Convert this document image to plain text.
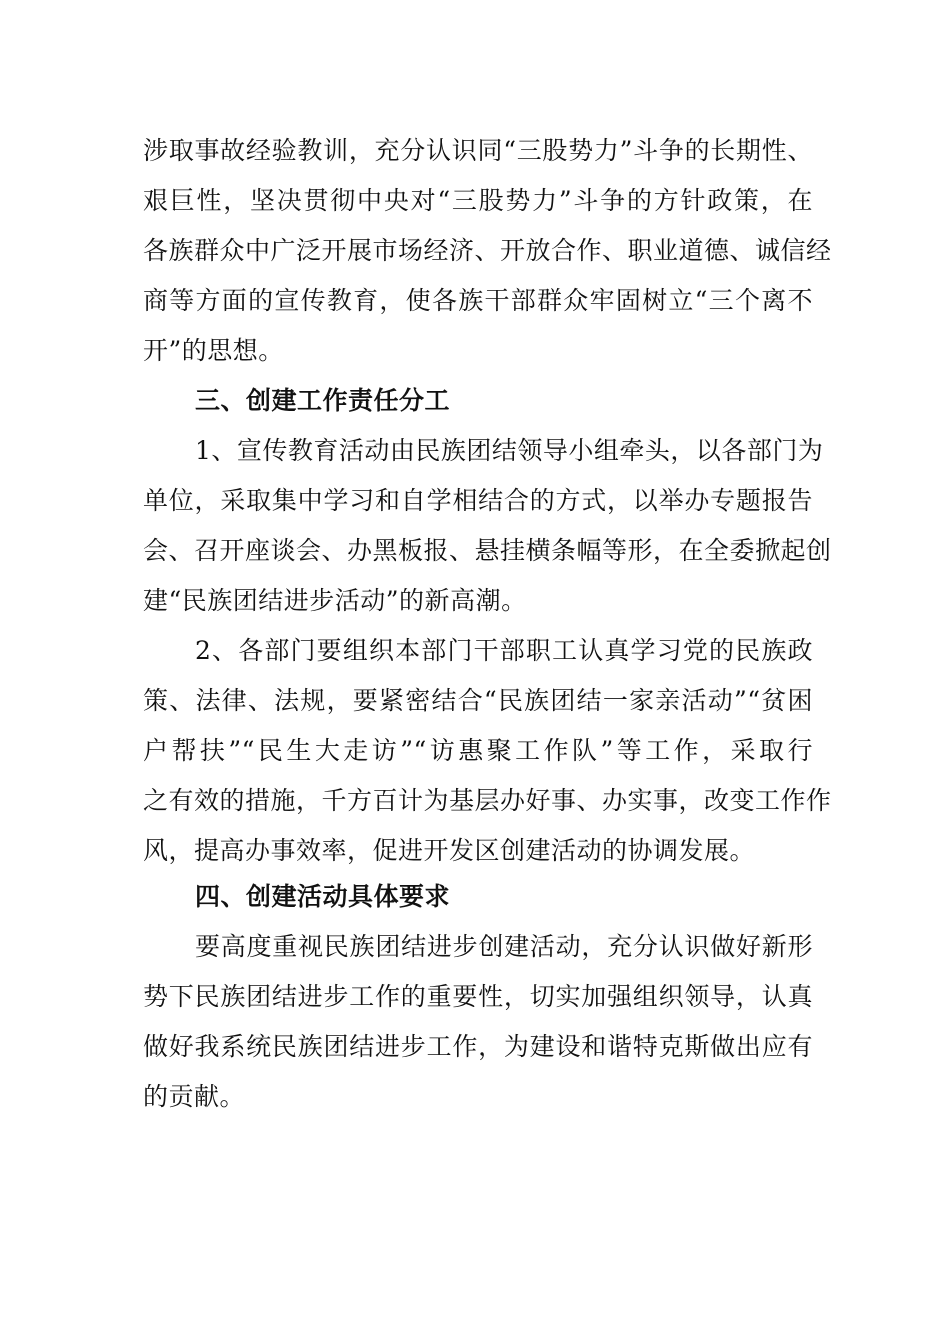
涉取事故经验教训，充分认识同“三股势力”斗争的长期性、
艰巨性，坚决贯彻中央对“三股势力”斗争的方针政策，在
各族群众中广泛开展市场经济、开放合作、职业道德、诚信经
商等方面的宣传教育，使各族干部群众牢固树立“三个离不
开”的思想。
三、创建工作责任分工
1、宣传教育活动由民族团结领导小组牵头，以各部门为
单位，采取集中学习和自学相结合的方式，以举办专题报告
会、召开座谈会、办黑板报、悬挂横条幅等形，在全委掀起创
建“民族团结进步活动”的新高潮。
2、各部门要组织本部门干部职工认真学习党的民族政
策、法律、法规，要紧密结合“民族团结一家亲活动”“贫困
户帮扶”“民生大走访”“访惠聚工作队”等工作，采取行
之有效的措施，千方百计为基层办好事、办实事，改变工作作
风，提高办事效率，促进开发区创建活动的协调发展。
四、创建活动具体要求
要高度重视民族团结进步创建活动，充分认识做好新形
势下民族团结进步工作的重要性，切实加强组织领导，认真
做好我系统民族团结进步工作，为建设和谐特克斯做出应有
的贡献。
